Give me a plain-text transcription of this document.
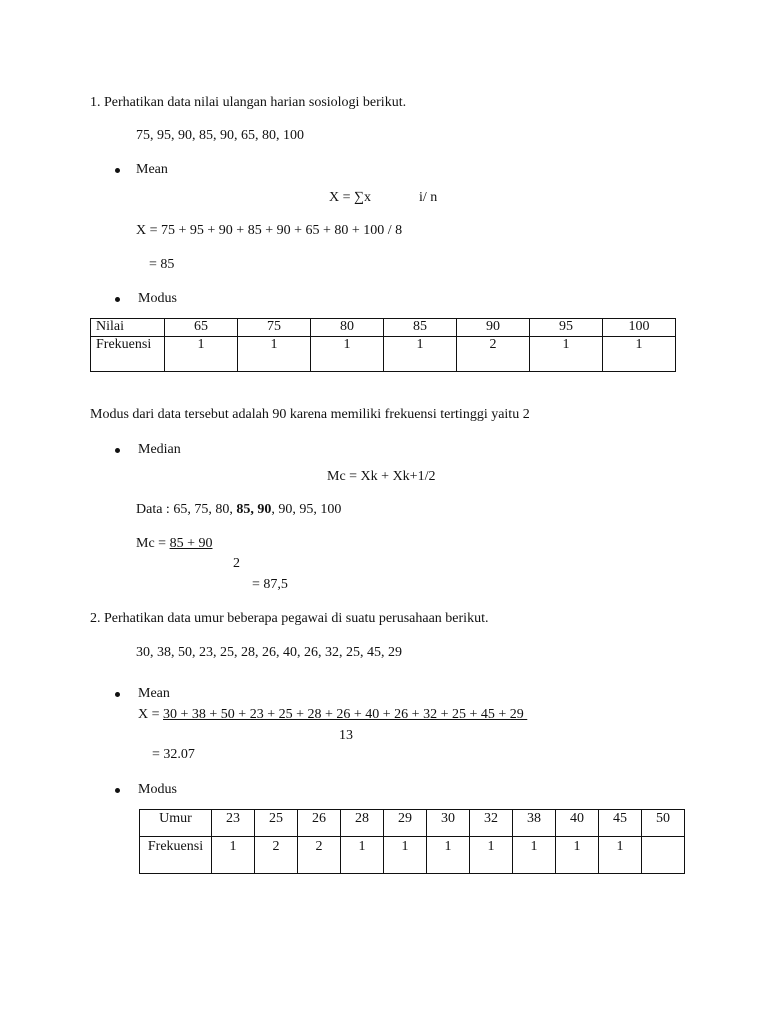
1. Perhatikan data nilai ulangan harian sosiologi berikut.
75, 95, 90, 85, 90, 65, 80, 100
Mean
X = ∑x	i/ n
X = 75 + 95 + 90 + 85 + 90 + 65 + 80 + 100 / 8
= 85
Modus
Nilai	65	75	80	85	90	95	100
Frekuensi	1	1	1	1	2	1	1
Modus dari data tersebut adalah 90 karena memiliki frekuensi tertinggi yaitu 2
Median
Mc = Xk + Xk+1/2
Data : 65, 75, 80, 85, 90, 90, 95, 100
Mc = 85 + 90
2
= 87,5
2. Perhatikan data umur beberapa pegawai di suatu perusahaan berikut.
30, 38, 50, 23, 25, 28, 26, 40, 26, 32, 25, 45, 29
Mean
X = 30 + 38 + 50 + 23 + 25 + 28 + 26 + 40 + 26 + 32 + 25 + 45 + 29
13
= 32.07
Modus
Umur	23	25	26	28	29	30	32	38	40	45	50
Frekuensi	1	2	2	1	1	1	1	1	1	1	
